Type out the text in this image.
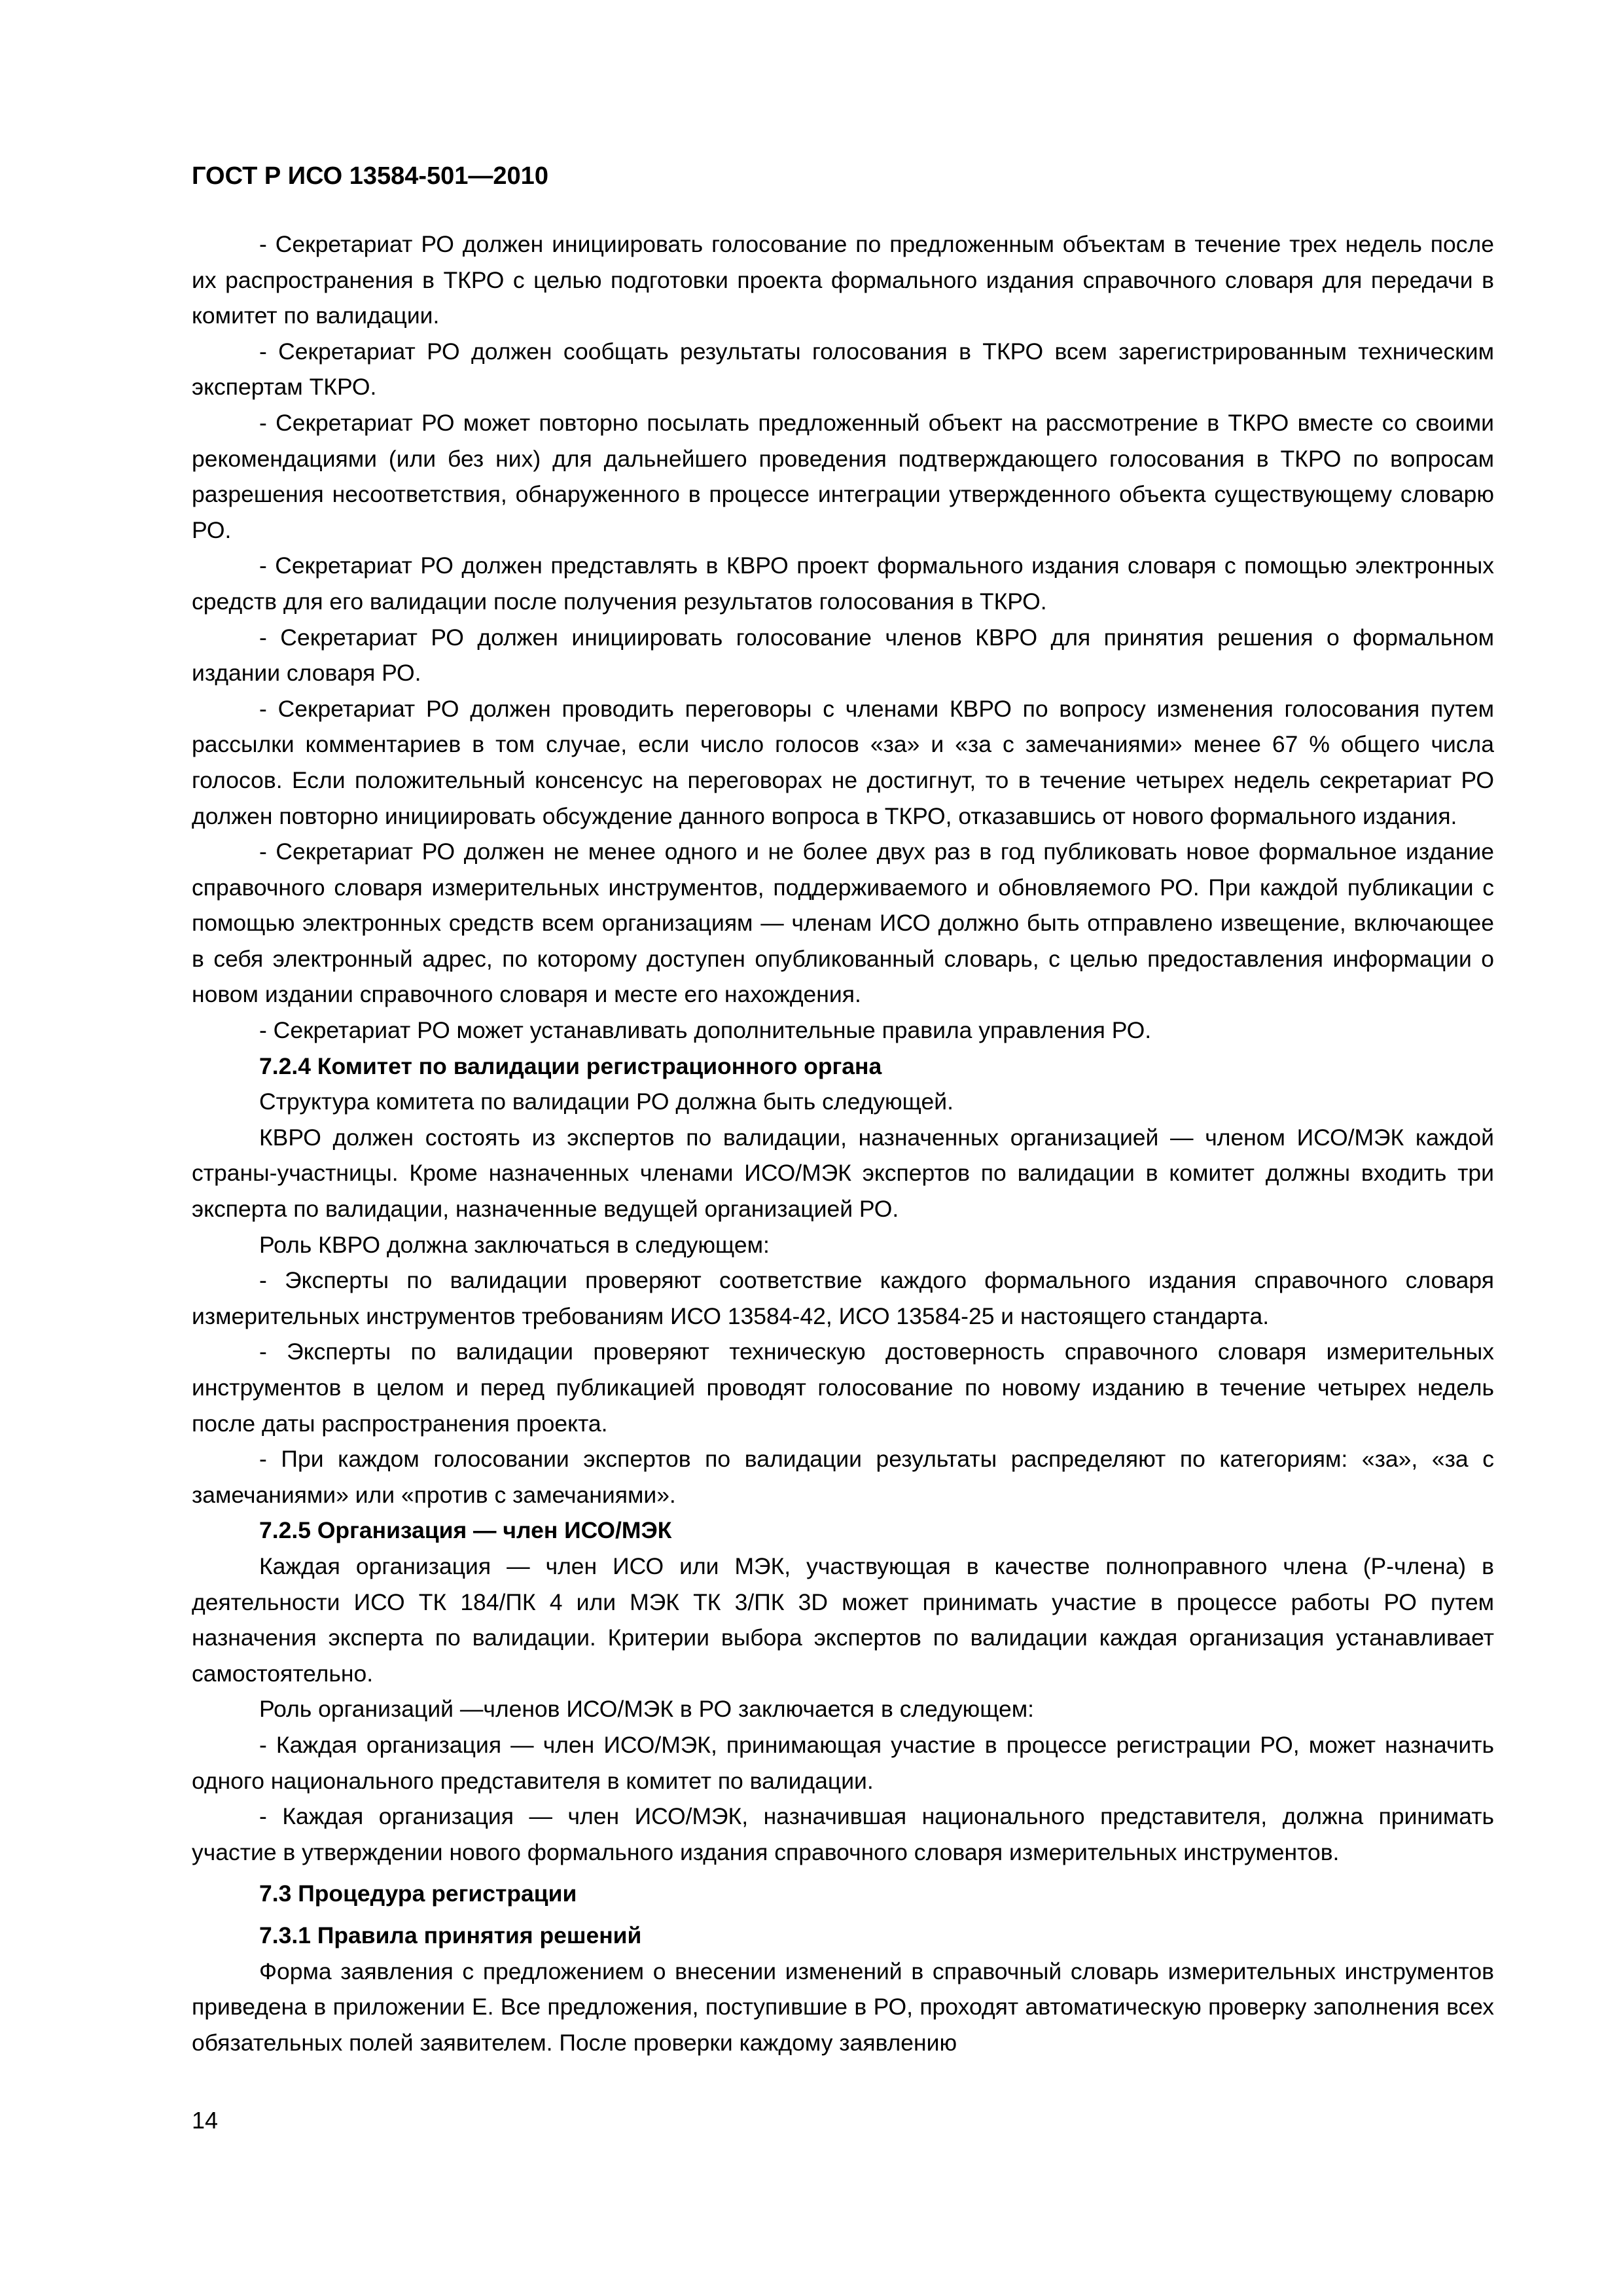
ГОСТ Р ИСО 13584-501—2010

- Секретариат РО должен инициировать голосование по предложенным объектам в течение трех недель после их распространения в ТКРО с целью подготовки проекта формального издания справочного словаря для передачи в комитет по валидации.

- Секретариат РО должен сообщать результаты голосования в ТКРО всем зарегистрированным техническим экспертам ТКРО.

- Секретариат РО может повторно посылать предложенный объект на рассмотрение в ТКРО вместе со своими рекомендациями (или без них) для дальнейшего проведения подтверждающего голосования в ТКРО по вопросам разрешения несоответствия, обнаруженного в процессе интеграции утвержденного объекта существующему словарю РО.

- Секретариат РО должен представлять в КВРО проект формального издания словаря с помощью электронных средств для его валидации после получения результатов голосования в ТКРО.

- Секретариат РО должен инициировать голосование членов КВРО для принятия решения о формальном издании словаря РО.

- Секретариат РО должен проводить переговоры с членами КВРО по вопросу изменения голосования путем рассылки комментариев в том случае, если число голосов «за» и «за с замечаниями» менее 67 % общего числа голосов. Если положительный консенсус на переговорах не достигнут, то в течение четырех недель секретариат РО должен повторно инициировать обсуждение данного вопроса в ТКРО, отказавшись от нового формального издания.

- Секретариат РО должен не менее одного и не более двух раз в год публиковать новое формальное издание справочного словаря измерительных инструментов, поддерживаемого и обновляемого РО. При каждой публикации с помощью электронных средств всем организациям — членам ИСО должно быть отправлено извещение, включающее в себя электронный адрес, по которому доступен опубликованный словарь, с целью предоставления информации о новом издании справочного словаря и месте его нахождения.

- Секретариат РО может устанавливать дополнительные правила управления РО.

7.2.4 Комитет по валидации регистрационного органа

Структура комитета по валидации РО должна быть следующей.

КВРО должен состоять из экспертов по валидации, назначенных организацией — членом ИСО/МЭК каждой страны-участницы. Кроме назначенных членами ИСО/МЭК экспертов по валидации в комитет должны входить три эксперта по валидации, назначенные ведущей организацией РО.

Роль КВРО должна заключаться в следующем:

- Эксперты по валидации проверяют соответствие каждого формального издания справочного словаря измерительных инструментов требованиям ИСО 13584-42, ИСО 13584-25 и настоящего стандарта.

- Эксперты по валидации проверяют техническую достоверность справочного словаря измерительных инструментов в целом и перед публикацией проводят голосование по новому изданию в течение четырех недель после даты распространения проекта.

- При каждом голосовании экспертов по валидации результаты распределяют по категориям: «за», «за с замечаниями» или «против с замечаниями».

7.2.5 Организация — член ИСО/МЭК

Каждая организация — член ИСО или МЭК, участвующая в качестве полноправного члена (Р-члена) в деятельности ИСО ТК 184/ПК 4 или МЭК ТК 3/ПК 3D может принимать участие в процессе работы РО путем назначения эксперта по валидации. Критерии выбора экспертов по валидации каждая организация устанавливает самостоятельно.

Роль организаций —членов ИСО/МЭК в РО заключается в следующем:

- Каждая организация — член ИСО/МЭК, принимающая участие в процессе регистрации РО, может назначить одного национального представителя в комитет по валидации.

- Каждая организация — член ИСО/МЭК, назначившая национального представителя, должна принимать участие в утверждении нового формального издания справочного словаря измерительных инструментов.

7.3 Процедура регистрации

7.3.1 Правила принятия решений

Форма заявления с предложением о внесении изменений в справочный словарь измерительных инструментов приведена в приложении Е. Все предложения, поступившие в РО, проходят автоматическую проверку заполнения всех обязательных полей заявителем. После проверки каждому заявлению

14
